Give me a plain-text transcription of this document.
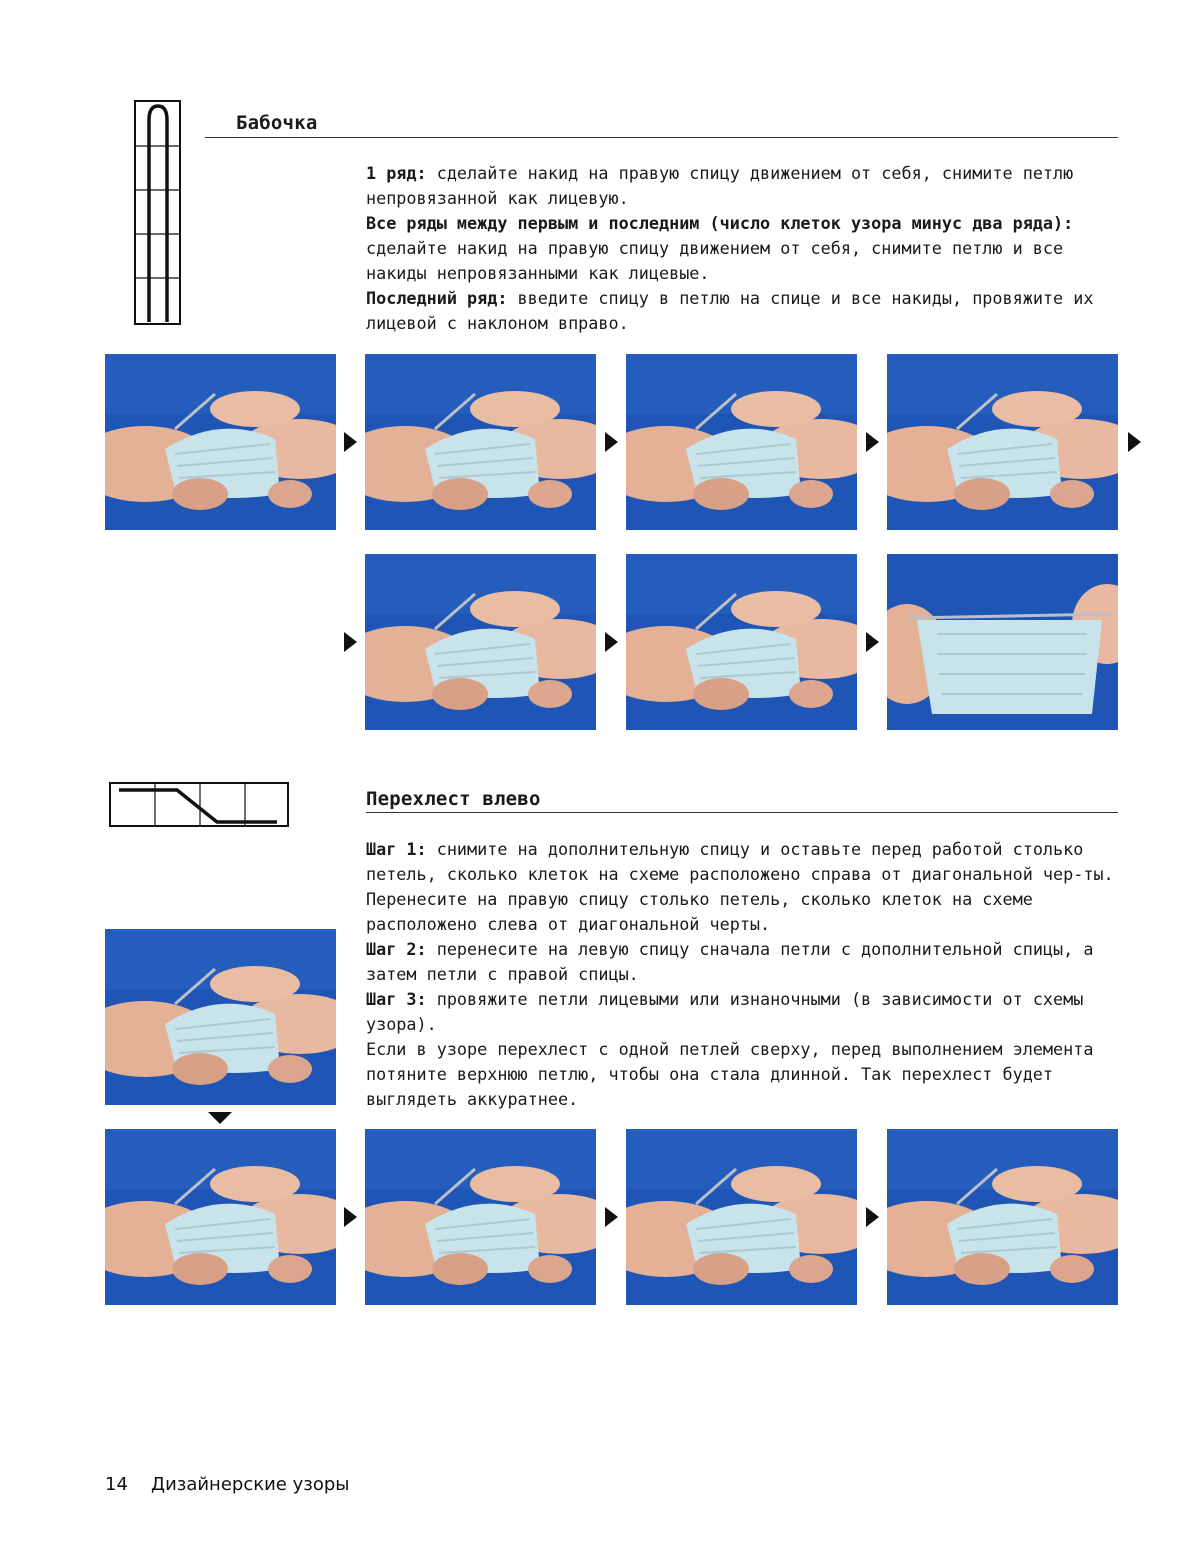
Бабочка

1 ряд: сделайте накид на правую спицу движением от себя, снимите петлю непровязанной как лицевую.

Все ряды между первым и последним (число клеток узора минус два ряда): сделайте накид на правую спицу движением от себя, снимите петлю и все накиды непровязанными как лицевые.

Последний ряд: введите спицу в петлю на спице и все накиды, провяжите их лицевой с наклоном вправо.

Перехлест влево

Шаг 1: снимите на дополнительную спицу и оставьте перед работой столько петель, сколько клеток на схеме расположено справа от диагональной чер-ты. Перенесите на правую спицу столько петель, сколько клеток на схеме расположено слева от диагональной черты.

Шаг 2: перенесите на левую спицу сначала петли с дополнительной спицы, а затем петли с правой спицы.

Шаг 3: провяжите петли лицевыми или изнаночными (в зависимости от схемы узора).

Если в узоре перехлест с одной петлей сверху, перед выполнением элемента потяните верхнюю петлю, чтобы она стала длинной. Так перехлест будет выглядеть аккуратнее.

14 Дизайнерские узоры
